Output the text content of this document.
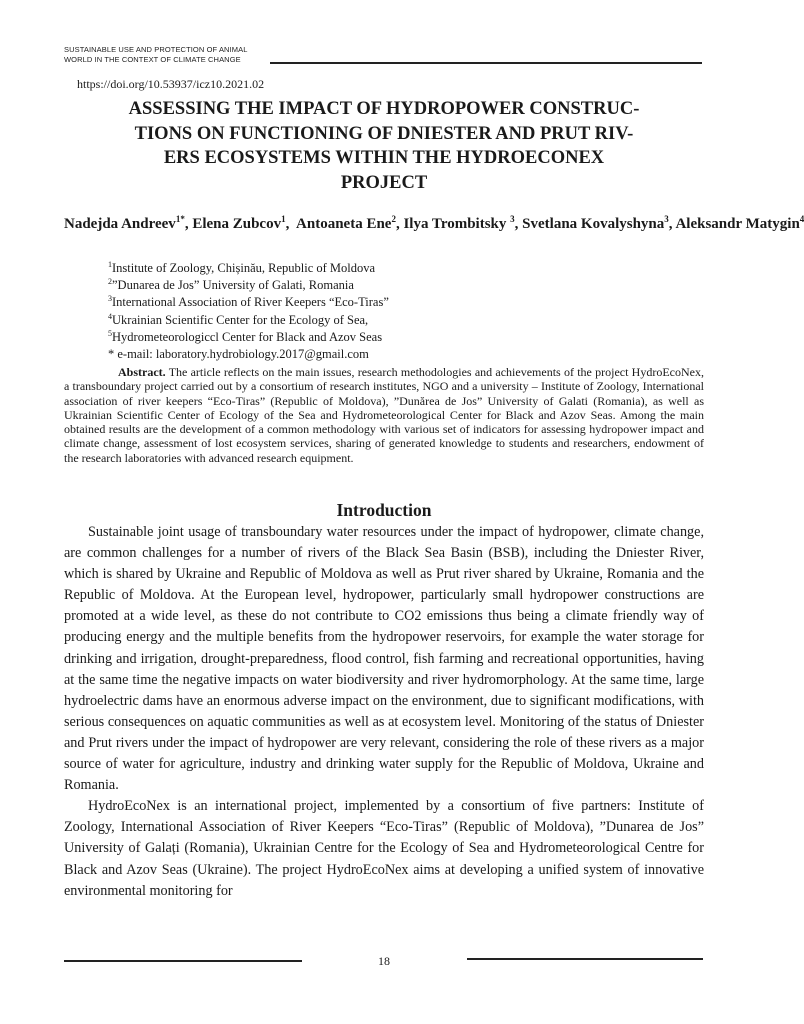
SUSTAINABLE USE AND PROTECTION OF ANIMAL
WORLD IN THE CONTEXT OF CLIMATE CHANGE
https://doi.org/10.53937/icz10.2021.02
ASSESSING THE IMPACT OF HYDROPOWER CONSTRUC-
TIONS ON FUNCTIONING OF DNIESTER AND PRUT RIV-
ERS ECOSYSTEMS WITHIN THE HYDROECONEX
PROJECT
Nadejda Andreev$^{1*}$, Elena Zubcov$^1$,  Antoaneta Ene$^2$, Ilya Trombitsky $^3$, Svetlana Kovalyshyna$^3$, Aleksandr Matygin$^4$
$^1$Institute of Zoology, Chișinău, Republic of Moldova
$^2$”Dunarea de Jos” University of Galati, Romania
$^3$International Association of River Keepers “Eco-Tiras”
$^4$Ukrainian Scientific Center for the Ecology of Sea,
$^5$Hydrometeorologiccl Center for Black and Azov Seas
* e-mail: laboratory.hydrobiology.2017@gmail.com
Abstract. The article reflects on the main issues, research methodologies and achievements of the project HydroEcoNex, a transboundary project carried out by a consortium of research institutes, NGO and a university – Institute of Zoology, International association of river keepers “Eco-Tiras” (Republic of Moldova), ”Dunărea de Jos” University of Galati (Romania), as well as Ukrainian Scientific Center of Ecology of the Sea and Hydrometeorological Center for Black and Azov Seas. Among the main obtained results are the development of a common methodology with various set of indicators for assessing hydropower impact and climate change, assessment of lost ecosystem services, sharing of generated knowledge to students and researchers, endowment of the research laboratories with advanced research equipment.
Introduction

Sustainable joint usage of transboundary water resources under the impact of hydropower, climate change, are common challenges for a number of rivers of the Black Sea Basin (BSB), including the Dniester River, which is shared by Ukraine and Republic of Moldova as well as Prut river shared by Ukraine, Romania and the Republic of Moldova. At the European level, hydropower, particularly small hydropower constructions are promoted at a wide level, as these do not contribute to CO2 emissions thus being a climate friendly way of producing energy and the multiple benefits from the hydropower reservoirs, for example the water storage for drinking and irrigation, drought-preparedness, flood control, fish farming and recreational opportunities, having at the same time the negative impacts on water biodiversity and river hydromorphology. At the same time, large hydroelectric dams have an enormous adverse impact on the environment, due to significant modifications, with serious consequences on aquatic communities as well as at ecosystem level. Monitoring of the status of Dniester and Prut rivers under the impact of hydropower are very relevant, considering the role of these rivers as a major source of water for agriculture, industry and drinking water supply for the Republic of Moldova, Ukraine and Romania.

HydroEcoNex is an international project, implemented by a consortium of five partners: Institute of Zoology, International Association of River Keepers “Eco-Tiras” (Republic of Moldova), ”Dunarea de Jos” University of Galați (Romania), Ukrainian Centre for the Ecology of Sea and Hydrometeorological Centre for Black and Azov Seas (Ukraine). The project HydroEcoNex aims at developing a unified system of innovative environmental monitoring for

18
